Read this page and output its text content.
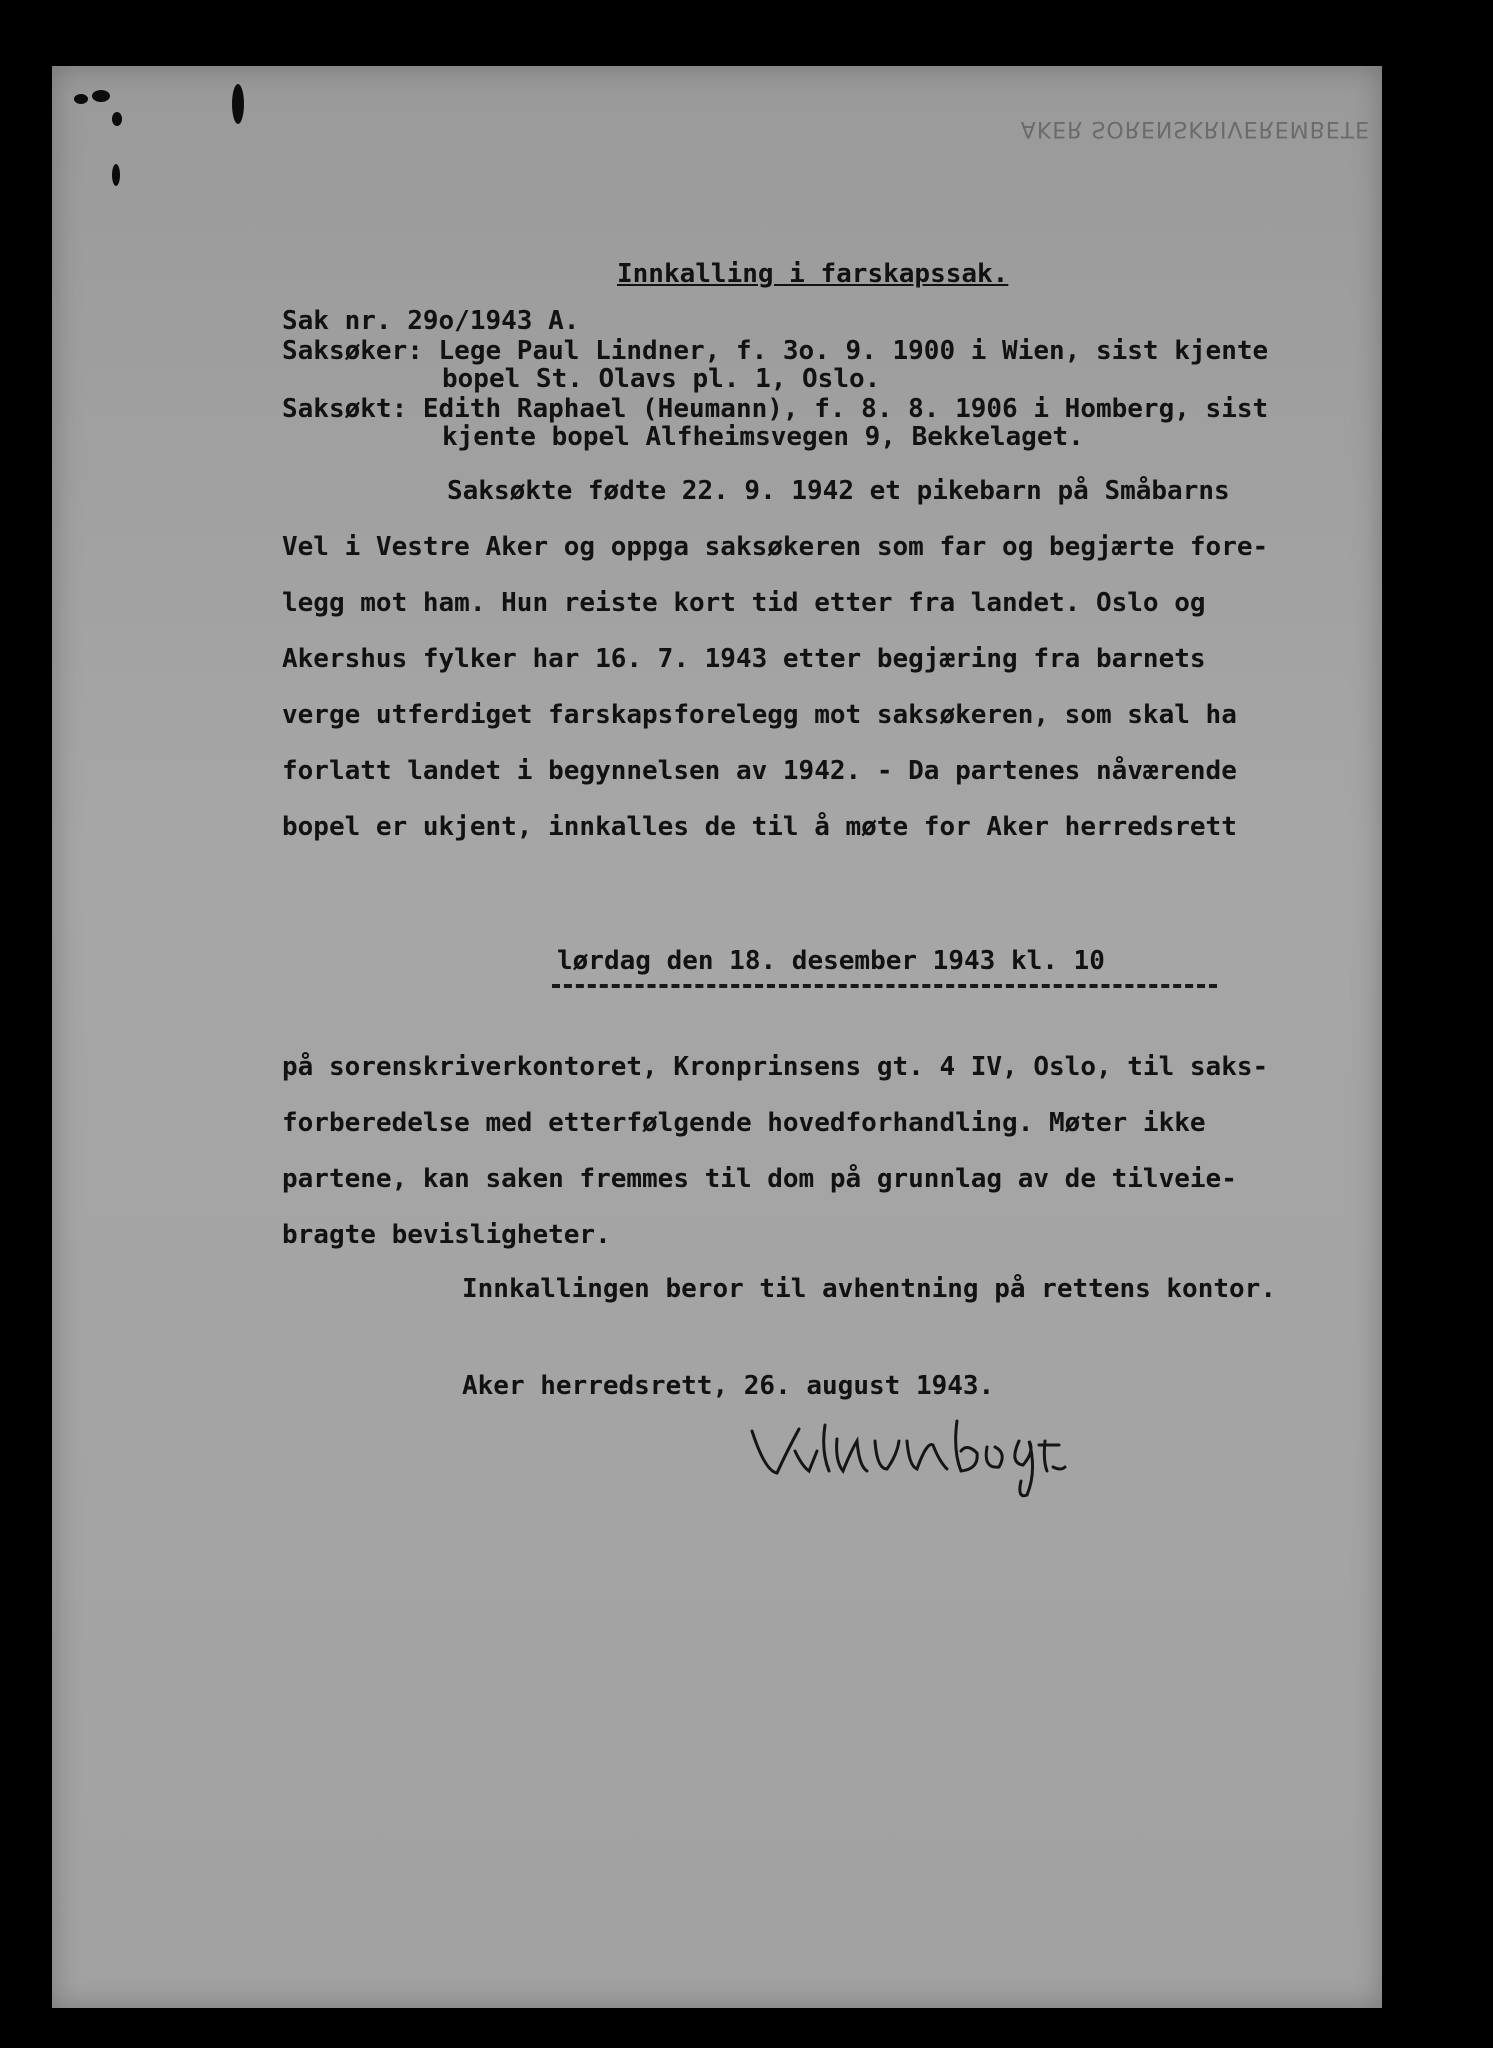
AKER SORENSKRIVEREMBETE
Innkalling i farskapssak.
Sak nr. 29o/1943 A.
Saksøker: Lege Paul Lindner, f. 3o. 9. 1900 i Wien, sist kjente
bopel St. Olavs pl. 1, Oslo.
Saksøkt: Edith Raphael (Heumann), f. 8. 8. 1906 i Homberg, sist
kjente bopel Alfheimsvegen 9, Bekkelaget.
Saksøkte fødte 22. 9. 1942 et pikebarn på Småbarns
Vel i Vestre Aker og oppga saksøkeren som far og begjærte fore-
legg mot ham. Hun reiste kort tid etter fra landet. Oslo og
Akershus fylker har 16. 7. 1943 etter begjæring fra barnets
verge utferdiget farskapsforelegg mot saksøkeren, som skal ha
forlatt landet i begynnelsen av 1942. - Da partenes nåværende
bopel er ukjent, innkalles de til å møte for Aker herredsrett
lørdag den 18. desember 1943 kl. 10
på sorenskriverkontoret, Kronprinsens gt. 4 IV, Oslo, til saks-
forberedelse med etterfølgende hovedforhandling. Møter ikke
partene, kan saken fremmes til dom på grunnlag av de tilveie-
bragte bevisligheter.
Innkallingen beror til avhentning på rettens kontor.
Aker herredsrett, 26. august 1943.
